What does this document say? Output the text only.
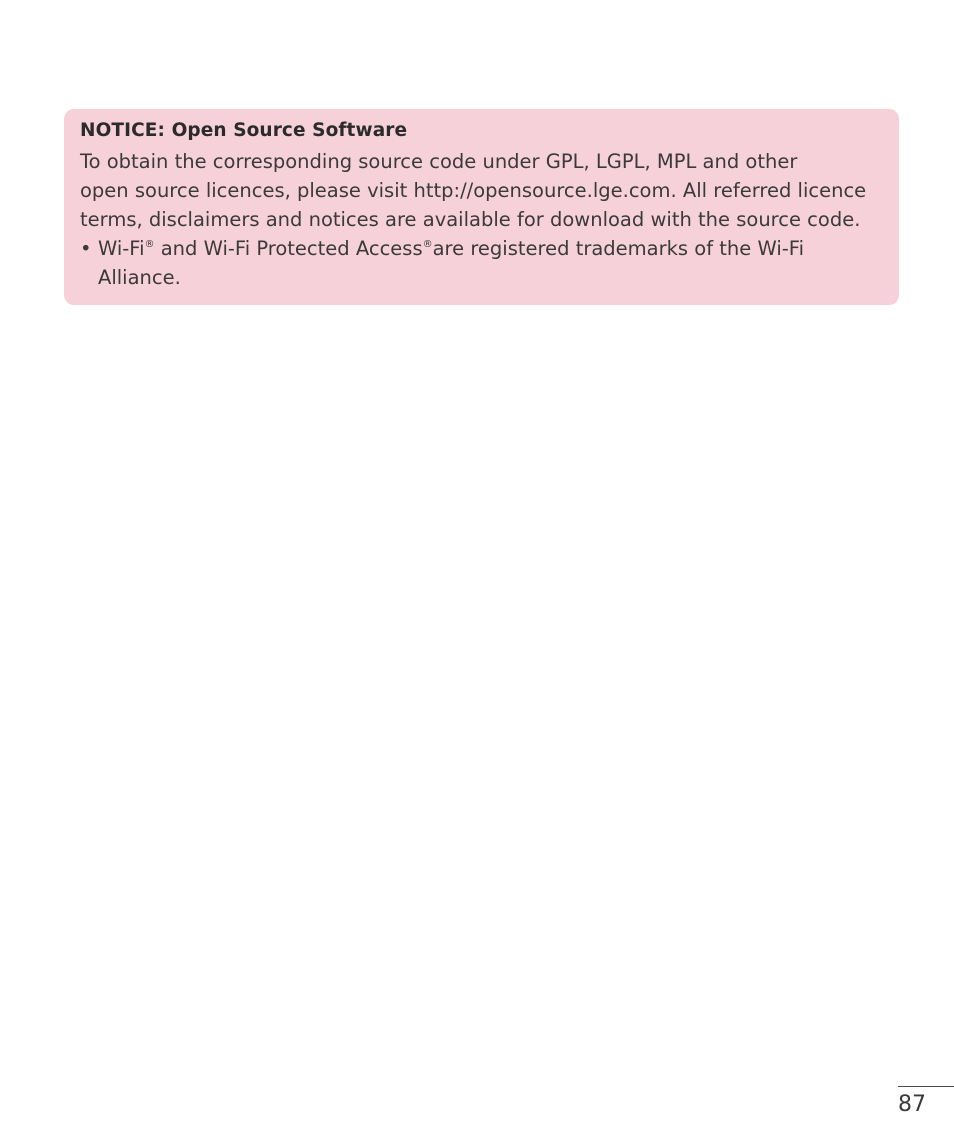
NOTICE: Open Source Software
To obtain the corresponding source code under GPL, LGPL, MPL and other
open source licences, please visit http://opensource.lge.com. All referred licence
terms, disclaimers and notices are available for download with the source code.
• Wi-Fi® and Wi-Fi Protected Access®are registered trademarks of the Wi-Fi
Alliance.
87
